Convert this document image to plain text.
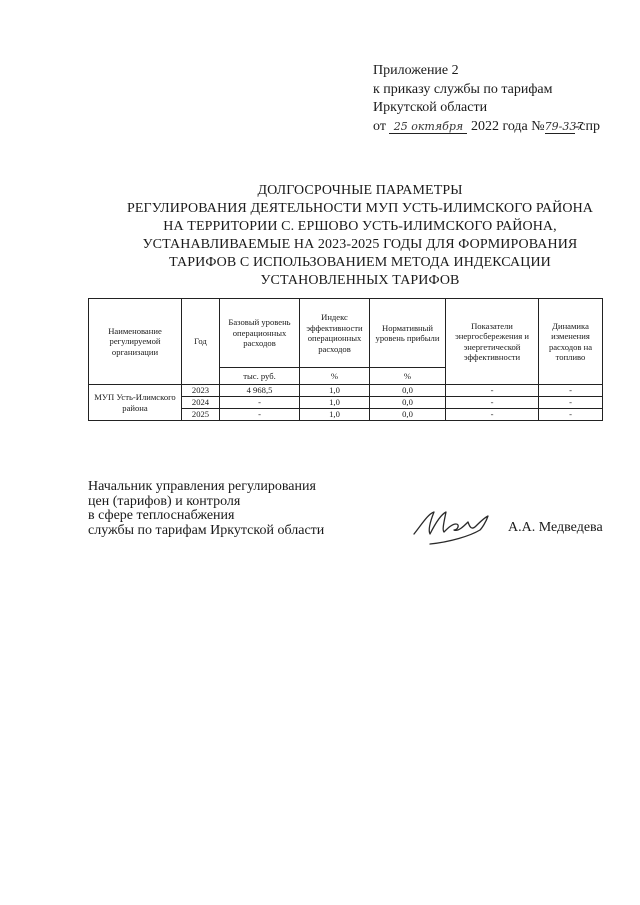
Приложение 2
к приказу службы по тарифам
Иркутской области
от 25 октября 2022 года №79-337-спр
ДОЛГОСРОЧНЫЕ ПАРАМЕТРЫ
РЕГУЛИРОВАНИЯ ДЕЯТЕЛЬНОСТИ МУП УСТЬ-ИЛИМСКОГО РАЙОНА
НА ТЕРРИТОРИИ С. ЕРШОВО УСТЬ-ИЛИМСКОГО РАЙОНА,
УСТАНАВЛИВАЕМЫЕ НА 2023-2025 ГОДЫ ДЛЯ ФОРМИРОВАНИЯ
ТАРИФОВ С ИСПОЛЬЗОВАНИЕМ МЕТОДА ИНДЕКСАЦИИ
УСТАНОВЛЕННЫХ ТАРИФОВ
Наименование регулируемой организации	Год	Базовый уровень операционных расходов	Индекс эффективности операционных расходов	Нормативный уровень прибыли	Показатели энергосбережения и энергетической эффективности	Динамика изменения расходов на топливо
		тыс. руб.	%	%		
МУП Усть-Илимского района	2023	4 968,5	1,0	0,0	-	-
	2024	-	1,0	0,0	-	-
	2025	-	1,0	0,0	-	-
Начальник управления регулирования
цен (тарифов) и контроля
в сфере теплоснабжения
службы по тарифам Иркутской области	А.А. Медведева
